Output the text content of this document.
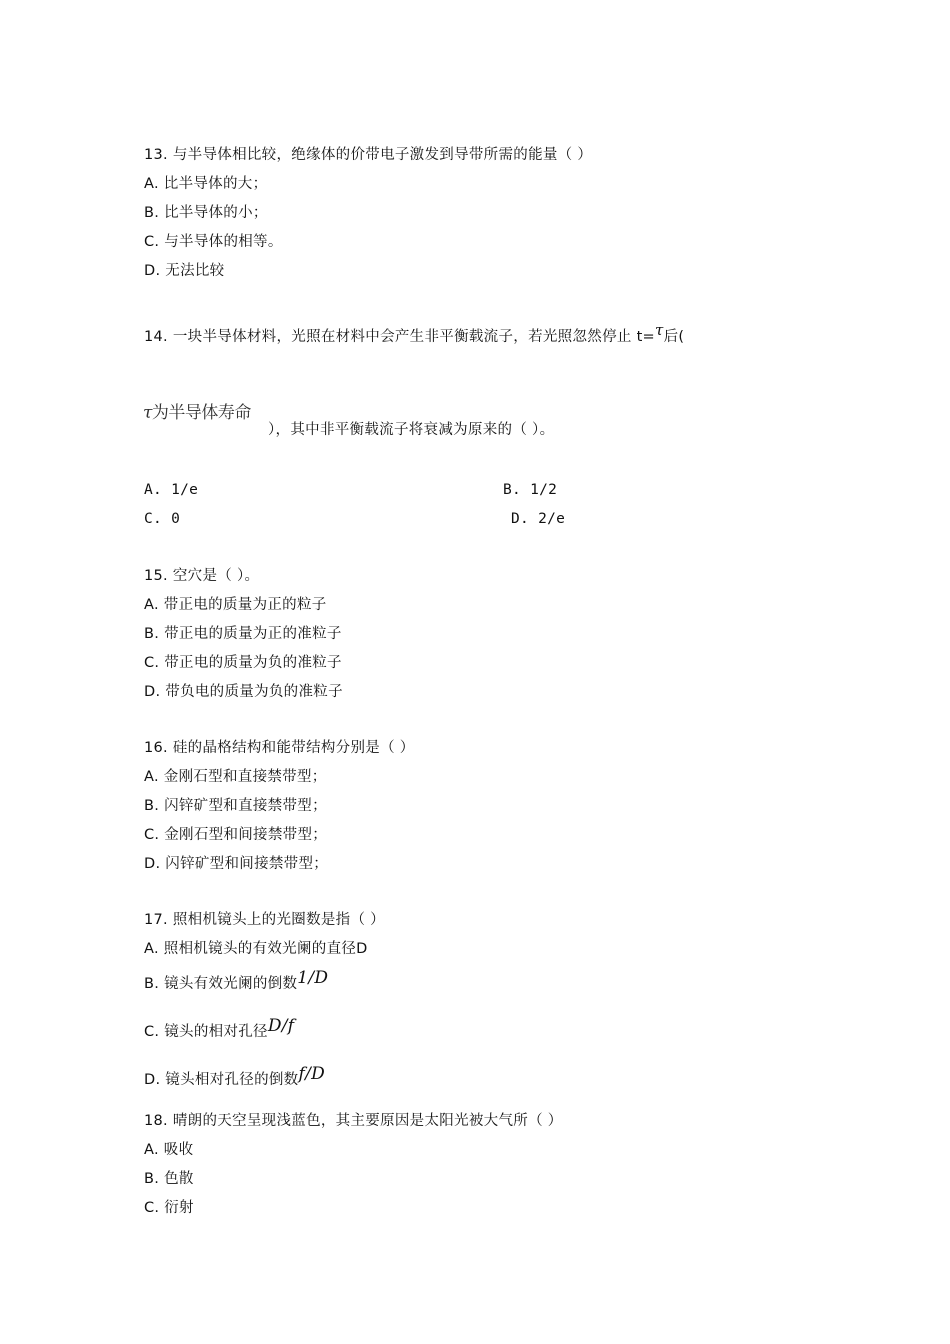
13. 与半导体相比较，绝缘体的价带电子激发到导带所需的能量（ ）
A. 比半导体的大；
B. 比半导体的小；
C. 与半导体的相等。
D. 无法比较
14. 一块半导体材料，光照在材料中会产生非平衡载流子，若光照忽然停止 t=τ后(
τ为半导体寿命
），其中非平衡载流子将衰减为原来的（ ）。
A. 1/e	B. 1/2
C. 0	D. 2/e
15. 空穴是（ ）。
A. 带正电的质量为正的粒子
B. 带正电的质量为正的准粒子
C. 带正电的质量为负的准粒子
D. 带负电的质量为负的准粒子
16. 硅的晶格结构和能带结构分别是（ ）
A. 金刚石型和直接禁带型；
B. 闪锌矿型和直接禁带型；
C. 金刚石型和间接禁带型；
D. 闪锌矿型和间接禁带型；
17. 照相机镜头上的光圈数是指（ ）
A. 照相机镜头的有效光阑的直径D
B. 镜头有效光阑的倒数1/D
C. 镜头的相对孔径D/f
D. 镜头相对孔径的倒数f/D
18. 晴朗的天空呈现浅蓝色，其主要原因是太阳光被大气所（ ）
A. 吸收
B. 色散
C. 衍射
